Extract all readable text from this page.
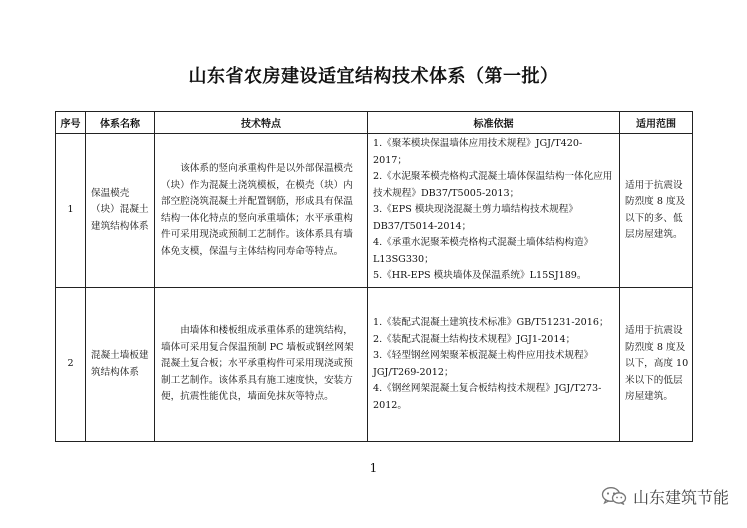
山东省农房建设适宜结构技术体系（第一批）
序号	体系名称	技术特点	标准依据	适用范围
1	保温模壳（块）混凝土建筑结构体系	该体系的竖向承重构件是以外部保温模壳（块）作为混凝土浇筑模板，在模壳（块）内部空腔浇筑混凝土并配置钢筋，形成具有保温结构一体化特点的竖向承重墙体；水平承重构件可采用现浇或预制工艺制作。该体系具有墙体免支模，保温与主体结构同寿命等特点。	1.《聚苯模块保温墙体应用技术规程》JGJ/T420-2017；
2.《水泥聚苯模壳格构式混凝土墙体保温结构一体化应用技术规程》DB37/T5005-2013；
3.《EPS 模块现浇混凝土剪力墙结构技术规程》DB37/T5014-2014；
4.《承重水泥聚苯模壳格构式混凝土墙体结构构造》L13SG330；
5.《HR-EPS 模块墙体及保温系统》L15SJ189。	适用于抗震设防烈度 8 度及以下的多、低层房屋建筑。
2	混凝土墙板建筑结构体系	由墙体和楼板组成承重体系的建筑结构，墙体可采用复合保温预制 PC 墙板或钢丝网架混凝土复合板；水平承重构件可采用现浇或预制工艺制作。该体系具有施工速度快，安装方便，抗震性能优良，墙面免抹灰等特点。	1.《装配式混凝土建筑技术标准》GB/T51231-2016；
2.《装配式混凝土结构技术规程》JGJ1-2014；
3.《轻型钢丝网架聚苯板混凝土构件应用技术规程》JGJ/T269-2012；
4.《钢丝网架混凝土复合板结构技术规程》JGJ/T273-2012。	适用于抗震设防烈度 8 度及以下，高度 10 米以下的低层房屋建筑。
1
山东建筑节能
